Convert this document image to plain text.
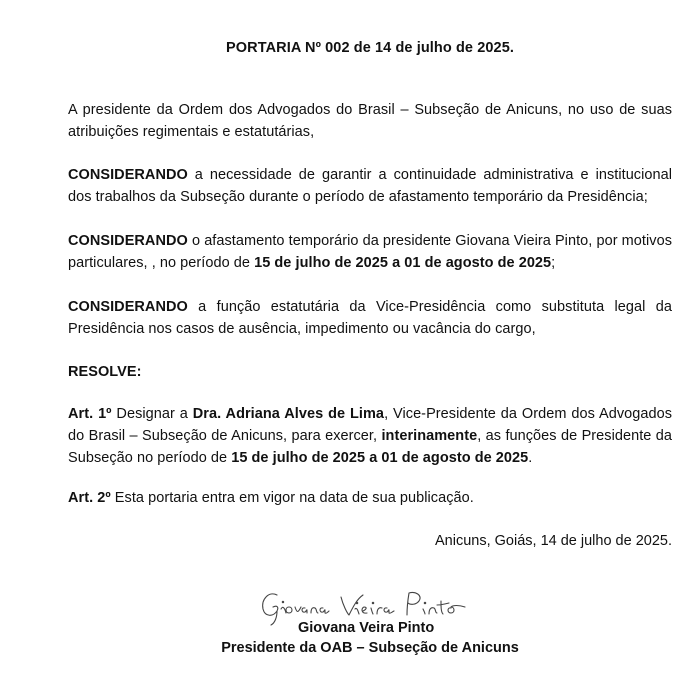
PORTARIA Nº 002 de 14 de julho de 2025.
A presidente da Ordem dos Advogados do Brasil – Subseção de Anicuns, no uso de suas atribuições regimentais e estatutárias,
CONSIDERANDO a necessidade de garantir a continuidade administrativa e institucional dos trabalhos da Subseção durante o período de afastamento temporário da Presidência;
CONSIDERANDO o afastamento temporário da presidente Giovana Vieira Pinto, por motivos particulares, , no período de 15 de julho de 2025 a 01 de agosto de 2025;
CONSIDERANDO a função estatutária da Vice-Presidência como substituta legal da Presidência nos casos de ausência, impedimento ou vacância do cargo,
RESOLVE:
Art. 1º Designar a Dra. Adriana Alves de Lima, Vice-Presidente da Ordem dos Advogados do Brasil – Subseção de Anicuns, para exercer, interinamente, as funções de Presidente da Subseção no período de 15 de julho de 2025 a 01 de agosto de 2025.
Art. 2º Esta portaria entra em vigor na data de sua publicação.
Anicuns, Goiás, 14 de julho de 2025.
Giovana Veira Pinto
Presidente da OAB – Subseção de Anicuns
